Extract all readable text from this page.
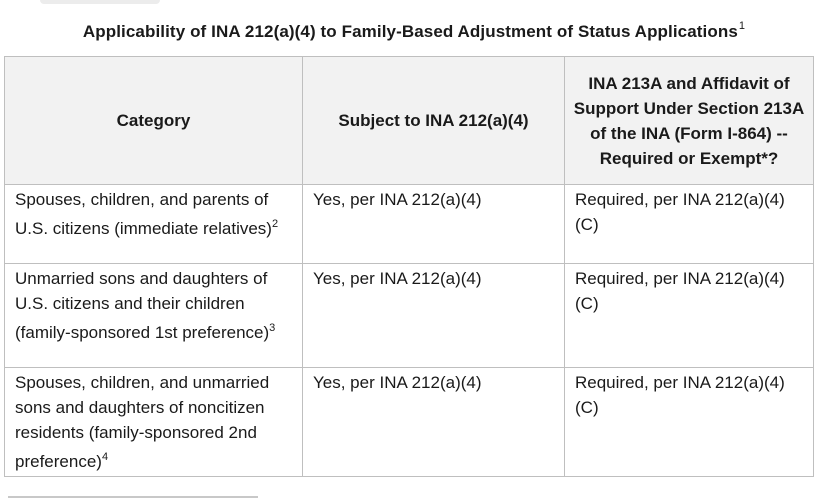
Applicability of INA 212(a)(4) to Family-Based Adjustment of Status Applications$^1$
Category	Subject to INA 212(a)(4)	INA 213A and Affidavit of Support Under Section 213A of the INA (Form I-864) -- Required or Exempt*?
Spouses, children, and parents of U.S. citizens (immediate relatives)$^2$	Yes, per INA 212(a)(4)	Required, per INA 212(a)(4)(C)
Unmarried sons and daughters of U.S. citizens and their children (family-sponsored 1st preference)$^3$	Yes, per INA 212(a)(4)	Required, per INA 212(a)(4)(C)
Spouses, children, and unmarried sons and daughters of noncitizen residents (family-sponsored 2nd preference)$^4$	Yes, per INA 212(a)(4)	Required, per INA 212(a)(4)(C)
